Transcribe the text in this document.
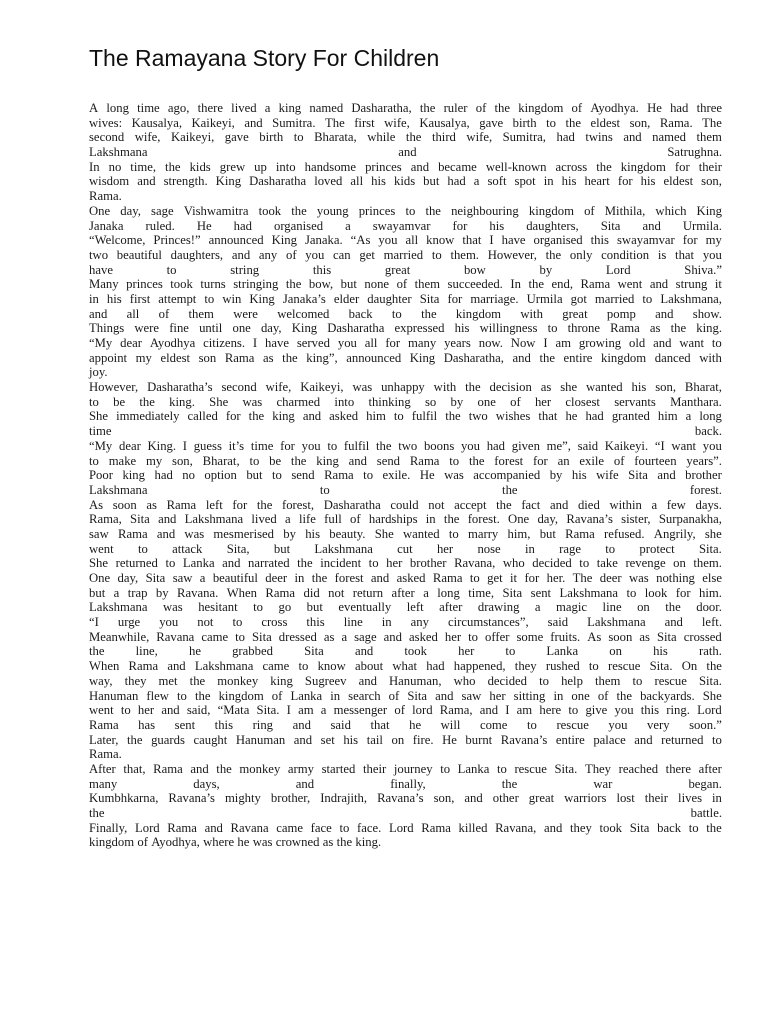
The Ramayana Story For Children
A long time ago, there lived a king named Dasharatha, the ruler of the kingdom of Ayodhya. He had three
wives: Kausalya, Kaikeyi, and Sumitra. The first wife, Kausalya, gave birth to the eldest son, Rama. The
second wife, Kaikeyi, gave birth to Bharata, while the third wife, Sumitra, had twins and named them
Lakshmana	and	Satrughna.
In no time, the kids grew up into handsome princes and became well-known across the kingdom for their
wisdom and strength. King Dasharatha loved all his kids but had a soft spot in his heart for his eldest son,
Rama.
One day, sage Vishwamitra took the young princes to the neighbouring kingdom of Mithila, which King
Janaka ruled. He had organised a swayamvar for his daughters, Sita and Urmila.
“Welcome, Princes!” announced King Janaka. “As you all know that I have organised this swayamvar for my
two beautiful daughters, and any of you can get married to them. However, the only condition is that you
have	to	string	this	great	bow	by	Lord	Shiva.”
Many princes took turns stringing the bow, but none of them succeeded. In the end, Rama went and strung it
in his first attempt to win King Janaka’s elder daughter Sita for marriage. Urmila got married to Lakshmana,
and all of them were welcomed back to the kingdom with great pomp and show.
Things were fine until one day, King Dasharatha expressed his willingness to throne Rama as the king.
“My dear Ayodhya citizens. I have served you all for many years now. Now I am growing old and want to
appoint my eldest son Rama as the king”, announced King Dasharatha, and the entire kingdom danced with
joy.
However, Dasharatha’s second wife, Kaikeyi, was unhappy with the decision as she wanted his son, Bharat,
to be the king. She was charmed into thinking so by one of her closest servants Manthara.
She immediately called for the king and asked him to fulfil the two wishes that he had granted him a long
time	back.
“My dear King. I guess it’s time for you to fulfil the two boons you had given me”, said Kaikeyi. “I want you
to make my son, Bharat, to be the king and send Rama to the forest for an exile of fourteen years”.
Poor king had no option but to send Rama to exile. He was accompanied by his wife Sita and brother
Lakshmana	to	the	forest.
As soon as Rama left for the forest, Dasharatha could not accept the fact and died within a few days.
Rama, Sita and Lakshmana lived a life full of hardships in the forest. One day, Ravana’s sister, Surpanakha,
saw Rama and was mesmerised by his beauty. She wanted to marry him, but Rama refused. Angrily, she
went to attack Sita, but Lakshmana cut her nose in rage to protect Sita.
She returned to Lanka and narrated the incident to her brother Ravana, who decided to take revenge on them.
One day, Sita saw a beautiful deer in the forest and asked Rama to get it for her. The deer was nothing else
but a trap by Ravana. When Rama did not return after a long time, Sita sent Lakshmana to look for him.
Lakshmana was hesitant to go but eventually left after drawing a magic line on the door.
“I urge you not to cross this line in any circumstances”, said Lakshmana and left.
Meanwhile, Ravana came to Sita dressed as a sage and asked her to offer some fruits. As soon as Sita crossed
the line, he grabbed Sita and took her to Lanka on his rath.
When Rama and Lakshmana came to know about what had happened, they rushed to rescue Sita. On the
way, they met the monkey king Sugreev and Hanuman, who decided to help them to rescue Sita.
Hanuman flew to the kingdom of Lanka in search of Sita and saw her sitting in one of the backyards. She
went to her and said, “Mata Sita. I am a messenger of lord Rama, and I am here to give you this ring. Lord
Rama has sent this ring and said that he will come to rescue you very soon.”
Later, the guards caught Hanuman and set his tail on fire. He burnt Ravana’s entire palace and returned to
Rama.
After that, Rama and the monkey army started their journey to Lanka to rescue Sita. They reached there after
many	days,	and	finally,	the	war	began.
Kumbhkarna, Ravana’s mighty brother, Indrajith, Ravana’s son, and other great warriors lost their lives in
the	battle.
Finally, Lord Rama and Ravana came face to face. Lord Rama killed Ravana, and they took Sita back to the
kingdom of Ayodhya, where he was crowned as the king.
